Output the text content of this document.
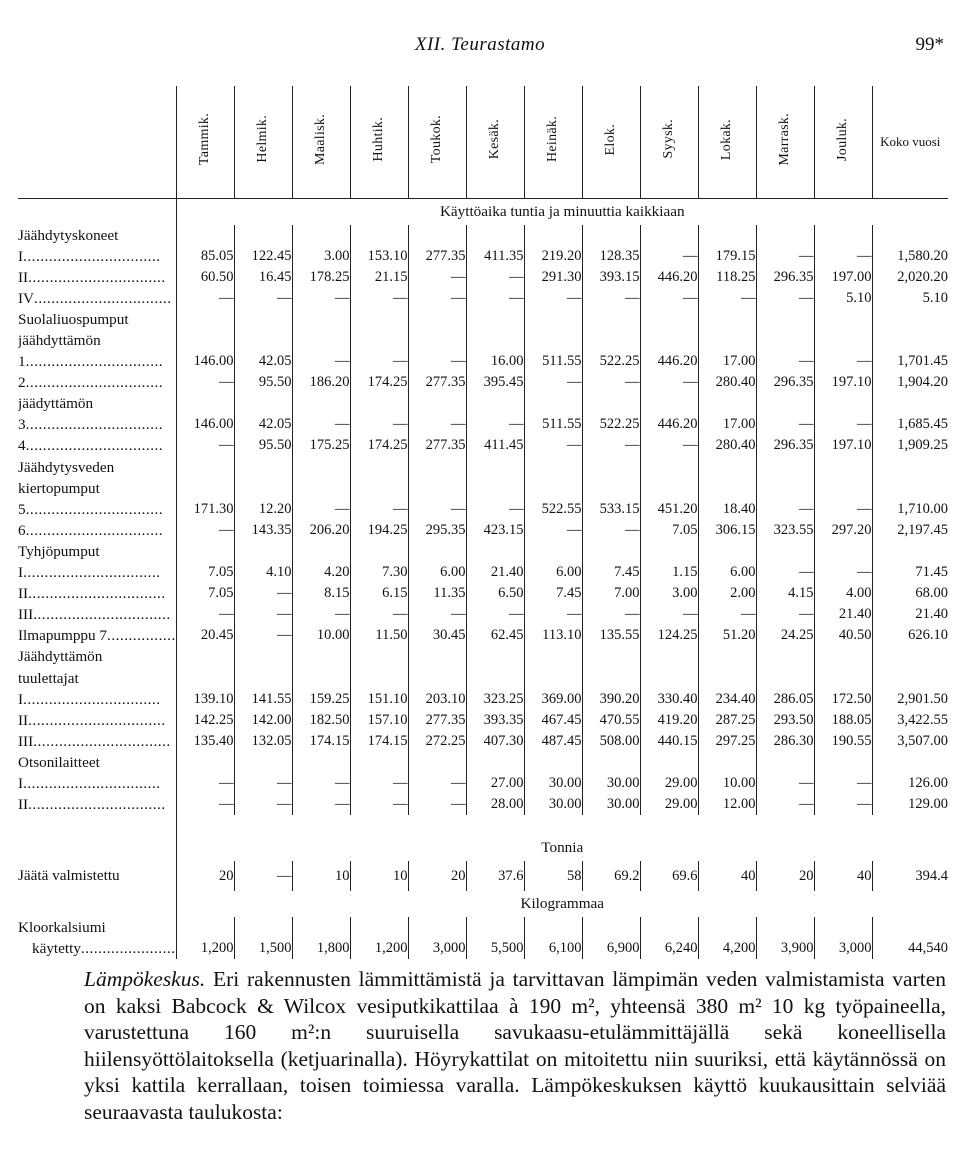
XII. Teurastamo	99*
	Tammik.	Helmik.	Maalisk.	Huhtik.	Toukok.	Kesäk.	Heinäk.	Elok.	Syysk.	Lokak.	Marrask.	Jouluk.	Koko vuosi

	Käyttöaika tuntia ja minuuttia kaikkiaan												
Jäähdytyskoneet													
I .....	85.05	122.45	3.00	153.10	277.35	411.35	219.20	128.35	—	179.15	—	—	1,580.20
II .....	60.50	16.45	178.25	21.15	—	—	291.30	393.15	446.20	118.25	296.35	197.00	2,020.20
IV .....	—	—	—	—	—	—	—	—	—	—	—	5.10	5.10
Suolaliuospumput													
jäähdyttämön													
1 .....	146.00	42.05	—	—	—	16.00	511.55	522.25	446.20	17.00	—	—	1,701.45
2 .....	—	95.50	186.20	174.25	277.35	395.45	—	—	—	280.40	296.35	197.10	1,904.20
jäädyttämön													
3 .....	146.00	42.05	—	—	—	—	511.55	522.25	446.20	17.00	—	—	1,685.45
4 .....	—	95.50	175.25	174.25	277.35	411.45	—	—	—	280.40	296.35	197.10	1,909.25
Jäähdytysveden													
kiertopumput													
5 .....	171.30	12.20	—	—	—	—	522.55	533.15	451.20	18.40	—	—	1,710.00
6 .....	—	143.35	206.20	194.25	295.35	423.15	—	—	7.05	306.15	323.55	297.20	2,197.45
Tyhjöpumput													
I .....	7.05	4.10	4.20	7.30	6.00	21.40	6.00	7.45	1.15	6.00	—	—	71.45
II .....	7.05	—	8.15	6.15	11.35	6.50	7.45	7.00	3.00	2.00	4.15	4.00	68.00
III .....	—	—	—	—	—	—	—	—	—	—	—	21.40	21.40
Ilmapumppu 7 .....	20.45	—	10.00	11.50	30.45	62.45	113.10	135.55	124.25	51.20	24.25	40.50	626.10
Jäähdyttämön													
tuulettajat													
I .....	139.10	141.55	159.25	151.10	203.10	323.25	369.00	390.20	330.40	234.40	286.05	172.50	2,901.50
II .....	142.25	142.00	182.50	157.10	277.35	393.35	467.45	470.55	419.20	287.25	293.50	188.05	3,422.55
III .....	135.40	132.05	174.15	174.15	272.25	407.30	487.45	508.00	440.15	297.25	286.30	190.55	3,507.00
Otsonilaitteet													
I .....	—	—	—	—	—	27.00	30.00	30.00	29.00	10.00	—	—	126.00
II .....	—	—	—	—	—	28.00	30.00	30.00	29.00	12.00	—	—	129.00

	Tonnia												
Jäätä valmistettu	20	—	10	10	20	37.6	58	69.2	69.6	40	20	40	394.4
	Kilogrammaa												
Kloorkalsiumi													
käytetty .....	1,200	1,500	1,800	1,200	3,000	5,500	6,100	6,900	6,240	4,200	3,900	3,000	44,540
Lämpökeskus. Eri rakennusten lämmittämistä ja tarvittavan lämpimän veden valmistamista varten on kaksi Babcock & Wilcox vesiputkikattilaa à 190 m², yhteensä 380 m² 10 kg työpaineella, varustettuna 160 m²:n suuruisella savukaasu-etulämmittäjällä sekä koneellisella hiilensyöttölaitoksella (ketjuarinalla). Höyrykattilat on mitoitettu niin suuriksi, että käytännössä on yksi kattila kerrallaan, toisen toimiessa varalla. Lämpökeskuksen käyttö kuukausittain selviää seuraavasta taulukosta:
